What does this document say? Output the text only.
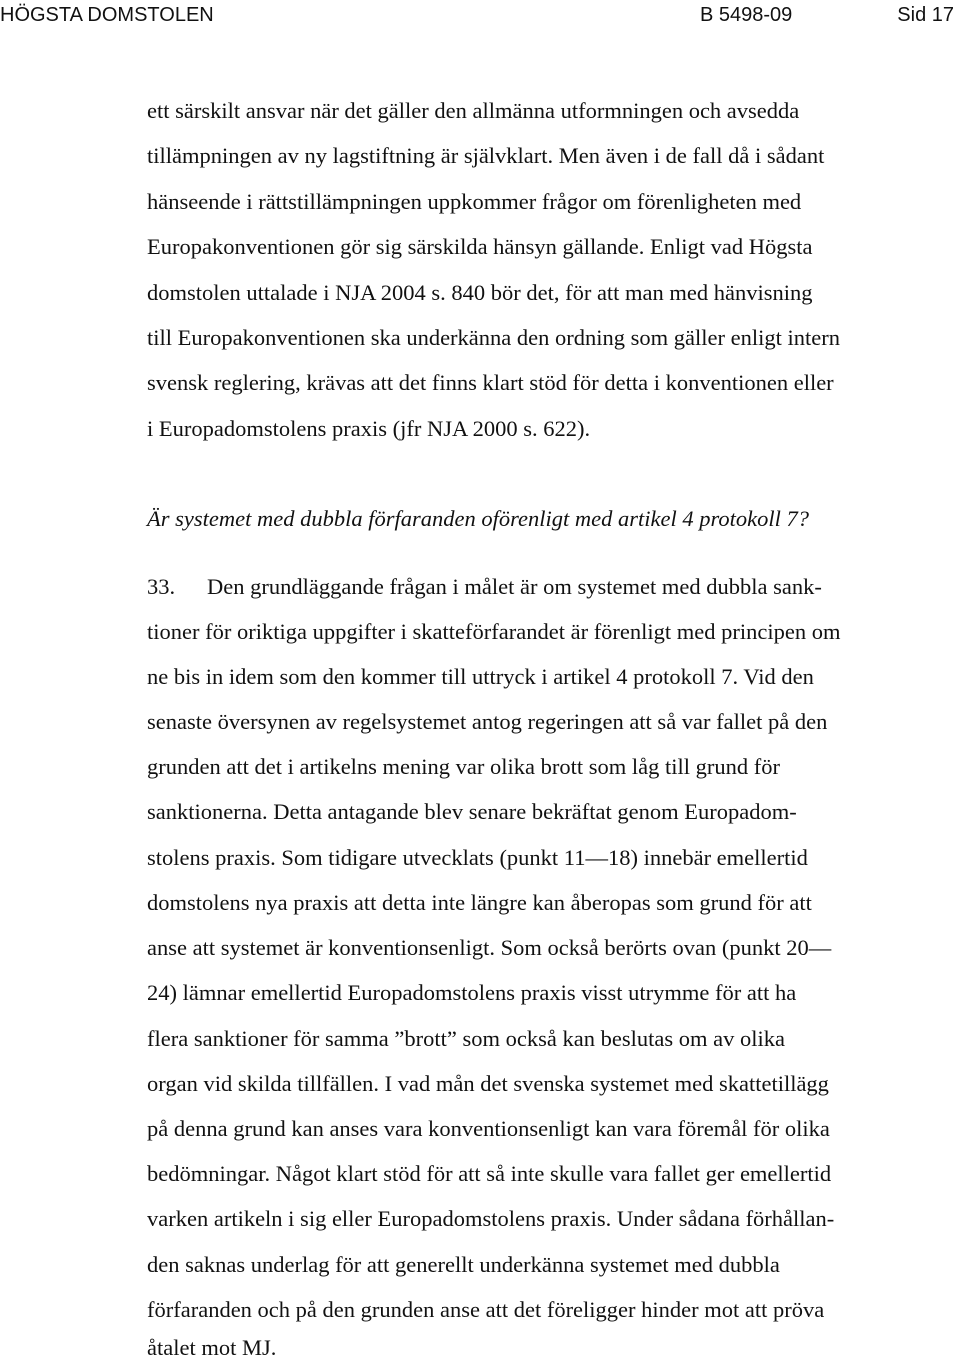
HÖGSTA DOMSTOLEN	B 5498-09	Sid 17
ett särskilt ansvar när det gäller den allmänna utformningen och avsedda
tillämpningen av ny lagstiftning är självklart. Men även i de fall då i sådant
hänseende i rättstillämpningen uppkommer frågor om förenligheten med
Europakonventionen gör sig särskilda hänsyn gällande. Enligt vad Högsta
domstolen uttalade i NJA 2004 s. 840 bör det, för att man med hänvisning
till Europakonventionen ska underkänna den ordning som gäller enligt intern
svensk reglering, krävas att det finns klart stöd för detta i konventionen eller
i Europadomstolens praxis (jfr NJA 2000 s. 622).
Är systemet med dubbla förfaranden oförenligt med artikel 4 protokoll 7?
33. Den grundläggande frågan i målet är om systemet med dubbla sank-
tioner för oriktiga uppgifter i skatteförfarandet är förenligt med principen om
ne bis in idem som den kommer till uttryck i artikel 4 protokoll 7. Vid den
senaste översynen av regelsystemet antog regeringen att så var fallet på den
grunden att det i artikelns mening var olika brott som låg till grund för
sanktionerna. Detta antagande blev senare bekräftat genom Europadom-
stolens praxis. Som tidigare utvecklats (punkt 11—18) innebär emellertid
domstolens nya praxis att detta inte längre kan åberopas som grund för att
anse att systemet är konventionsenligt. Som också berörts ovan (punkt 20—
24) lämnar emellertid Europadomstolens praxis visst utrymme för att ha
flera sanktioner för samma ”brott” som också kan beslutas om av olika
organ vid skilda tillfällen. I vad mån det svenska systemet med skattetillägg
på denna grund kan anses vara konventionsenligt kan vara föremål för olika
bedömningar. Något klart stöd för att så inte skulle vara fallet ger emellertid
varken artikeln i sig eller Europadomstolens praxis. Under sådana förhållan-
den saknas underlag för att generellt underkänna systemet med dubbla
förfaranden och på den grunden anse att det föreligger hinder mot att pröva
åtalet mot MJ.
